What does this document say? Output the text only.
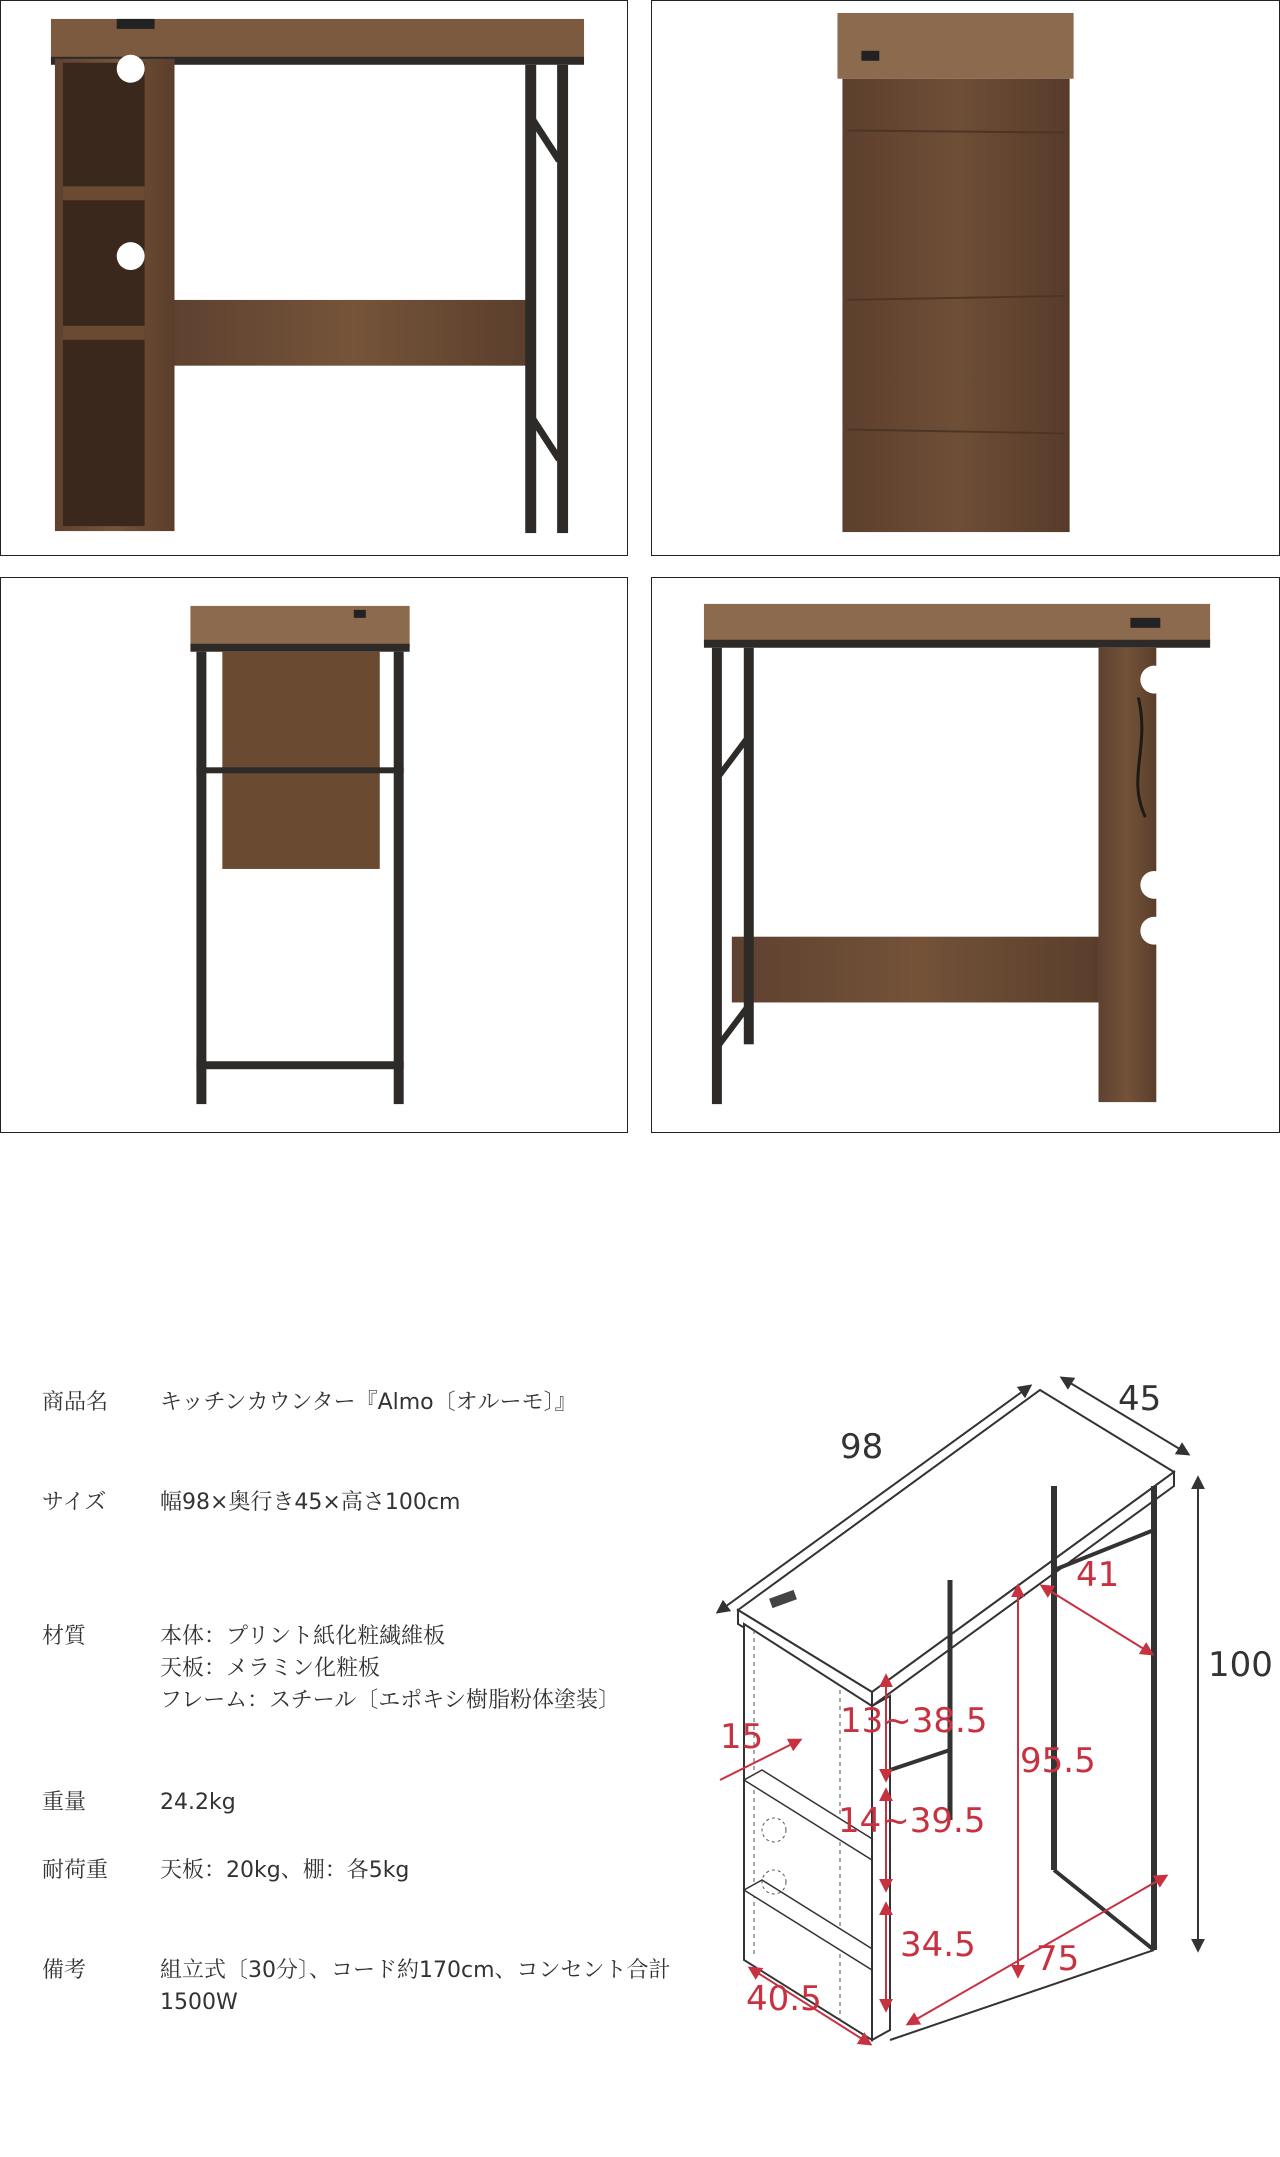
商品名	キッチンカウンター『Almo〔オルーモ〕』
サイズ	幅98×奥行き45×高さ100cm
材質	本体：プリント紙化粧繊維板
天板：メラミン化粧板
フレーム：スチール〔エポキシ樹脂粉体塗装〕
重量	24.2kg
耐荷重	天板：20kg、棚：各5kg
備考	組立式〔30分〕、コード約170cm、コンセント合計1500W
98
45
100
41
13~38.5
15
95.5
14~39.5
34.5 75
40.5
